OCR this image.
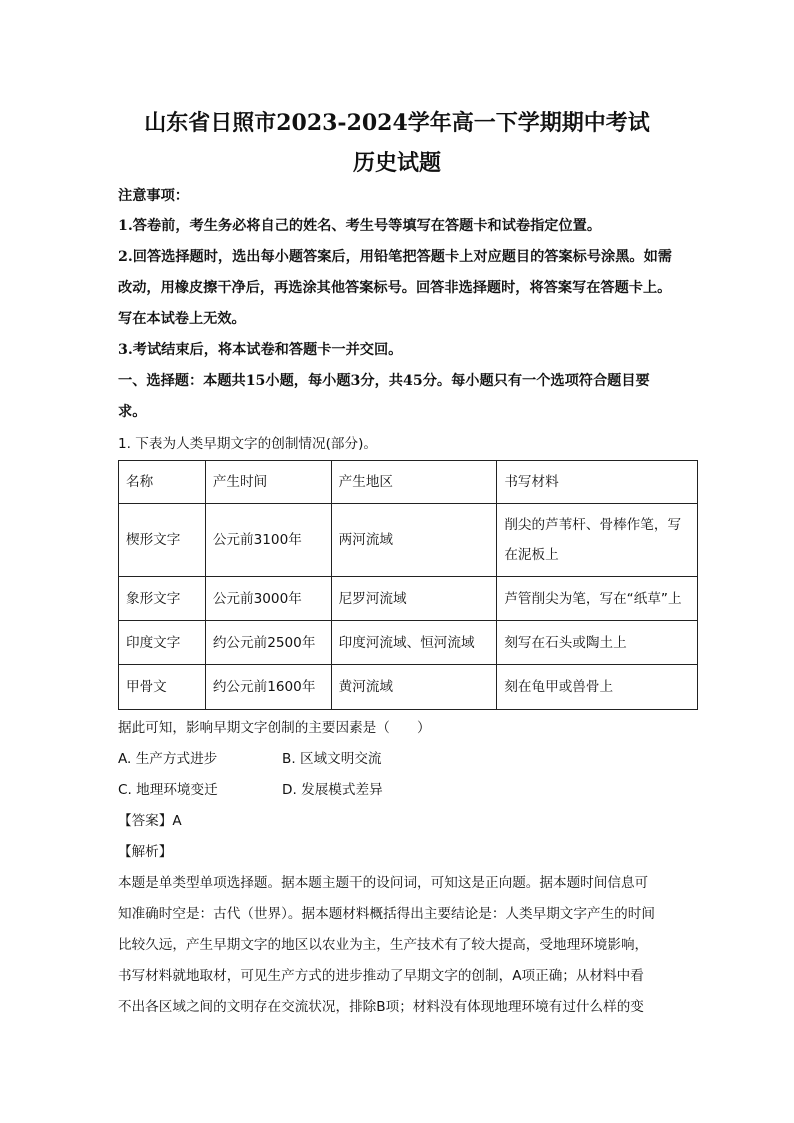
山东省日照市2023-2024学年高一下学期期中考试
历史试题
注意事项：
1.答卷前，考生务必将自己的姓名、考生号等填写在答题卡和试卷指定位置。
2.回答选择题时，选出每小题答案后，用铅笔把答题卡上对应题目的答案标号涂黑。如需
改动，用橡皮擦干净后，再选涂其他答案标号。回答非选择题时，将答案写在答题卡上。
写在本试卷上无效。
3.考试结束后，将本试卷和答题卡一并交回。
一、选择题：本题共15小题，每小题3分，共45分。每小题只有一个选项符合题目要
求。
1. 下表为人类早期文字的创制情况(部分)。
名称	产生时间	产生地区	书写材料
楔形文字	公元前3100年	两河流域	削尖的芦苇杆、骨棒作笔，写
在泥板上

象形文字	公元前3000年	尼罗河流域	芦管削尖为笔，写在“纸草”上
印度文字	约公元前2500年	印度河流域、恒河流域	刻写在石头或陶土上
甲骨文	约公元前1600年	黄河流域	刻在龟甲或兽骨上
据此可知，影响早期文字创制的主要因素是（　　）
A. 生产方式进步	B. 区域文明交流
C. 地理环境变迁	D. 发展模式差异
【答案】A
【解析】
本题是单类型单项选择题。据本题主题干的设问词，可知这是正向题。据本题时间信息可
知准确时空是：古代（世界）。据本题材料概括得出主要结论是：人类早期文字产生的时间
比较久远，产生早期文字的地区以农业为主，生产技术有了较大提高，受地理环境影响，
书写材料就地取材，可见生产方式的进步推动了早期文字的创制，A项正确；从材料中看
不出各区域之间的文明存在交流状况，排除B项；材料没有体现地理环境有过什么样的变
